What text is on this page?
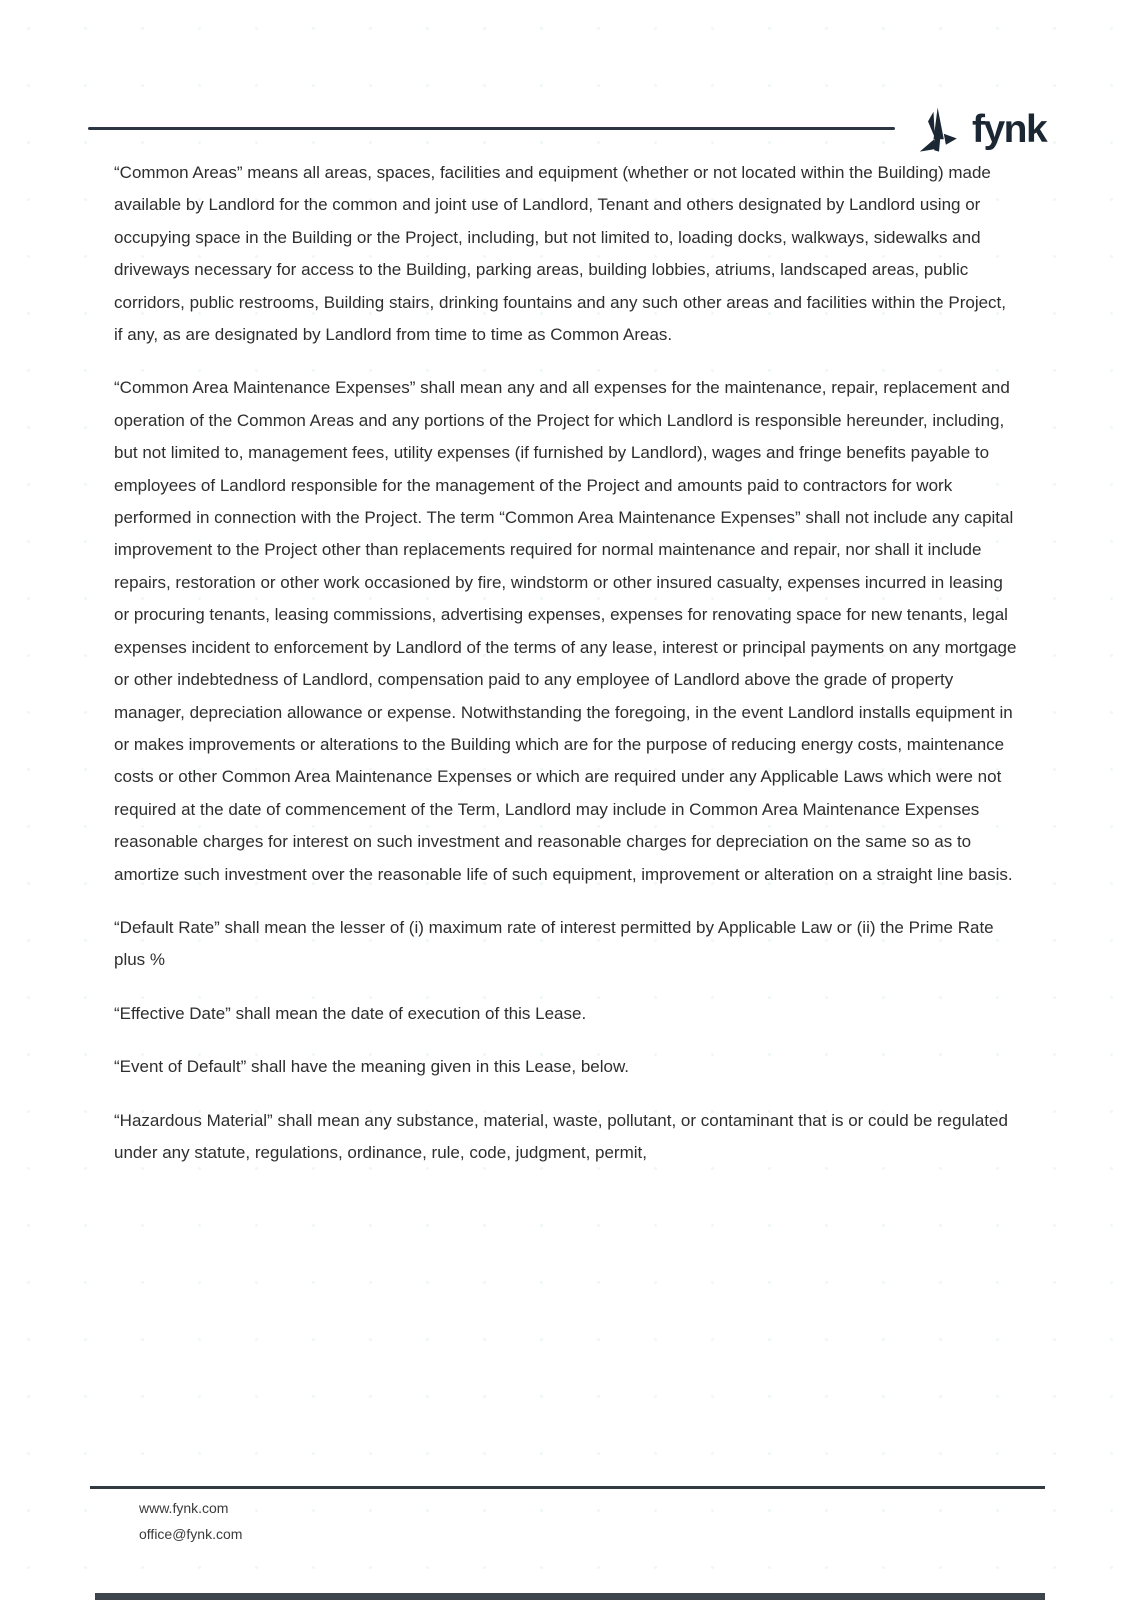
fynk

“Common Areas” means all areas, spaces, facilities and equipment (whether or not located within the Building) made available by Landlord for the common and joint use of Landlord, Tenant and others designated by Landlord using or occupying space in the Building or the Project, including, but not limited to, loading docks, walkways, sidewalks and driveways necessary for access to the Building, parking areas, building lobbies, atriums, landscaped areas, public corridors, public restrooms, Building stairs, drinking fountains and any such other areas and facilities within the Project, if any, as are designated by Landlord from time to time as Common Areas.

“Common Area Maintenance Expenses” shall mean any and all expenses for the maintenance, repair, replacement and operation of the Common Areas and any portions of the Project for which Landlord is responsible hereunder, including, but not limited to, management fees, utility expenses (if furnished by Landlord), wages and fringe benefits payable to employees of Landlord responsible for the management of the Project and amounts paid to contractors for work performed in connection with the Project. The term “Common Area Maintenance Expenses” shall not include any capital improvement to the Project other than replacements required for normal maintenance and repair, nor shall it include repairs, restoration or other work occasioned by fire, windstorm or other insured casualty, expenses incurred in leasing or procuring tenants, leasing commissions, advertising expenses, expenses for renovating space for new tenants, legal expenses incident to enforcement by Landlord of the terms of any lease, interest or principal payments on any mortgage or other indebtedness of Landlord, compensation paid to any employee of Landlord above the grade of property manager, depreciation allowance or expense. Notwithstanding the foregoing, in the event Landlord installs equipment in or makes improvements or alterations to the Building which are for the purpose of reducing energy costs, maintenance costs or other Common Area Maintenance Expenses or which are required under any Applicable Laws which were not required at the date of commencement of the Term, Landlord may include in Common Area Maintenance Expenses reasonable charges for interest on such investment and reasonable charges for depreciation on the same so as to amortize such investment over the reasonable life of such equipment, improvement or alteration on a straight line basis.

“Default Rate” shall mean the lesser of (i) maximum rate of interest permitted by Applicable Law or (ii) the Prime Rate plus %

“Effective Date” shall mean the date of execution of this Lease.

“Event of Default” shall have the meaning given in this Lease, below.

“Hazardous Material” shall mean any substance, material, waste, pollutant, or contaminant that is or could be regulated under any statute, regulations, ordinance, rule, code, judgment, permit,

www.fynk.com
office@fynk.com
